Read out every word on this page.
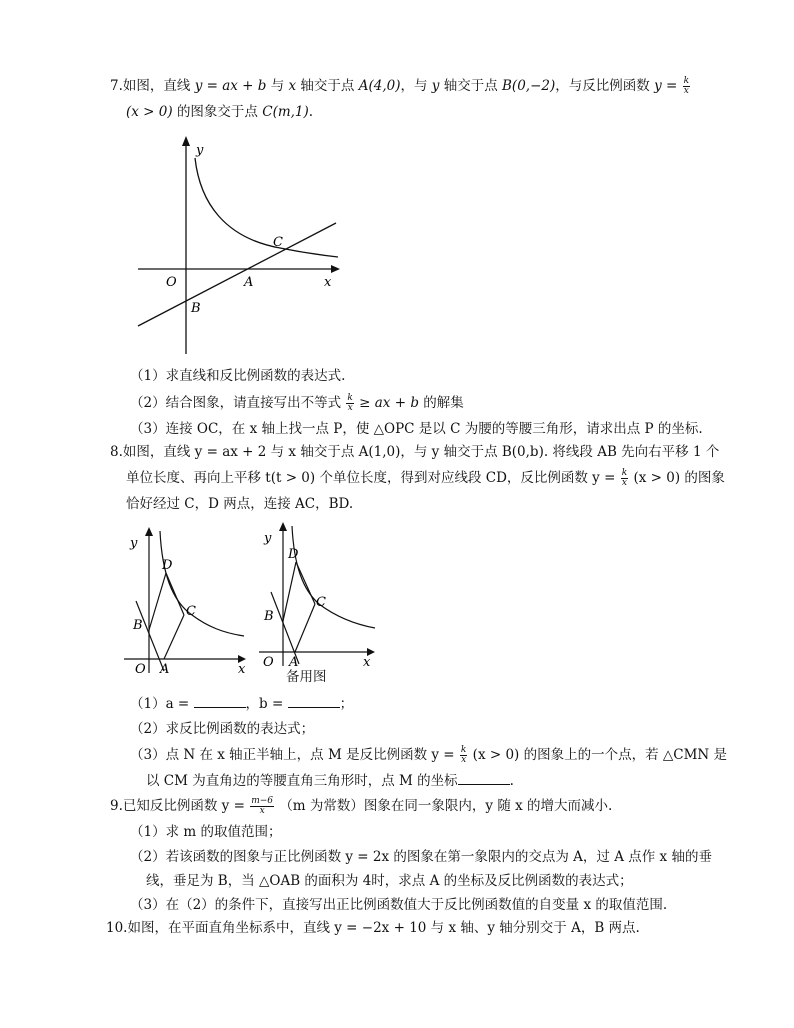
7.如图，直线 y = ax + b 与 x 轴交于点 A(4,0)，与 y 轴交于点 B(0,−2)，与反比例函数 $y = \frac{k}{x}$
(x > 0) 的图象交于点 C(m,1).
y
O	A	x
B
C
（1）求直线和反比例函数的表达式.
（2）结合图象，请直接写出不等式 $\frac{k}{x}$ ≥ ax + b 的解集
（3）连接 OC，在 x 轴上找一点 P，使 △OPC 是以 C 为腰的等腰三角形，请求出点 P 的坐标.
8.如图，直线 y = ax + 2 与 x 轴交于点 A(1,0)，与 y 轴交于点 B(0,b). 将线段 AB 先向右平移 1 个
单位长度、再向上平移 t(t > 0) 个单位长度，得到对应线段 CD，反比例函数 $y = \frac{k}{x} (x > 0)$ 的图象
恰好经过 C，D 两点，连接 AC，BD.
y
D
C
B
O A	x
y
D
C
B
O A	x
备用图
（1）a =	，b =	；
（2）求反比例函数的表达式；
（3）点 N 在 x 轴正半轴上，点 M 是反比例函数 $y = \frac{k}{x} (x > 0)$ 的图象上的一个点，若 △CMN 是
以 CM 为直角边的等腰直角三角形时，点 M 的坐标	.
9.已知反比例函数 $y = \frac{m-6}{x} (m$ 为常数）图象在同一象限内，y 随 x 的增大而减小.
（1）求 m 的取值范围；
（2）若该函数的图象与正比例函数 y = 2x 的图象在第一象限内的交点为 A，过 A 点作 x 轴的垂
线，垂足为 B，当 △OAB 的面积为 4时，求点 A 的坐标及反比例函数的表达式；
（3）在（2）的条件下，直接写出正比例函数值大于反比例函数值的自变量 x 的取值范围.
10.如图，在平面直角坐标系中，直线 y = −2x + 10 与 x 轴、y 轴分别交于 A，B 两点.
